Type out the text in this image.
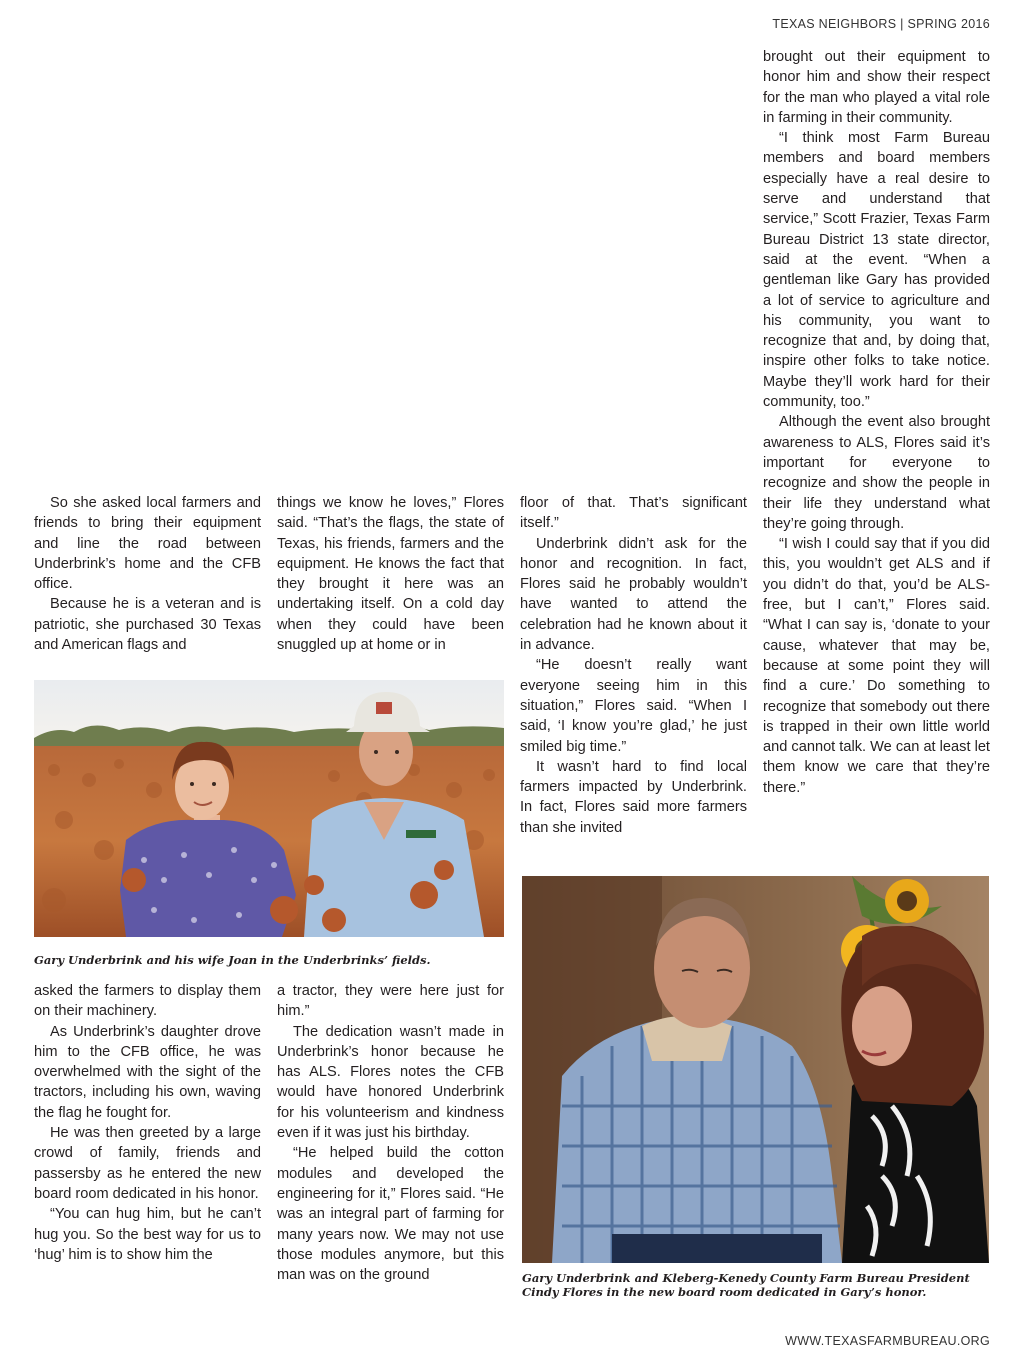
TEXAS NEIGHBORS | SPRING 2016

So she asked local farmers and friends to bring their equipment and line the road between Underbrink’s home and the CFB office.

Because he is a veteran and is patriotic, she purchased 30 Texas and American flags and

things we know he loves,” Flores said. “That’s the flags, the state of Texas, his friends, farmers and the equipment. He knows the fact that they brought it here was an undertaking itself. On a cold day when they could have been snuggled up at home or in

floor of that. That’s significant itself.”

Underbrink didn’t ask for the honor and recognition. In fact, Flores said he probably wouldn’t have wanted to attend the celebration had he known about it in advance.

“He doesn’t really want everyone seeing him in this situation,” Flores said. “When I said, ‘I know you’re glad,’ he just smiled big time.”

It wasn’t hard to find local farmers impacted by Underbrink. In fact, Flores said more farmers than she invited

brought out their equipment to honor him and show their respect for the man who played a vital role in farming in their community.

“I think most Farm Bureau members and board members especially have a real desire to serve and understand that service,” Scott Frazier, Texas Farm Bureau District 13 state director, said at the event. “When a gentleman like Gary has provided a lot of service to agriculture and his community, you want to recognize that and, by doing that, inspire other folks to take notice. Maybe they’ll work hard for their community, too.”

Although the event also brought awareness to ALS, Flores said it’s important for everyone to recognize and show the people in their life they understand what they’re going through.

“I wish I could say that if you did this, you wouldn’t get ALS and if you didn’t do that, you’d be ALS-free, but I can’t,” Flores said. “What I can say is, ‘donate to your cause, whatever that may be, because at some point they will find a cure.’ Do something to recognize that somebody out there is trapped in their own little world and cannot talk. We can at least let them know we care that they’re there.”

Gary Underbrink and his wife Joan in the Underbrinks’ fields.

asked the farmers to display them on their machinery.

As Underbrink’s daughter drove him to the CFB office, he was overwhelmed with the sight of the tractors, including his own, waving the flag he fought for.

He was then greeted by a large crowd of family, friends and passersby as he entered the new board room dedicated in his honor.

“You can hug him, but he can’t hug you. So the best way for us to ‘hug’ him is to show him the

a tractor, they were here just for him.”

The dedication wasn’t made in Underbrink’s honor because he has ALS. Flores notes the CFB would have honored Underbrink for his volunteerism and kindness even if it was just his birthday.

“He helped build the cotton modules and developed the engineering for it,” Flores said. “He was an integral part of farming for many years now. We may not use those modules anymore, but this man was on the ground	Gary Underbrink and Kleberg-Kenedy County Farm Bureau President Cindy Flores in the new board room dedicated in Gary’s honor.
WWW.TEXASFARMBUREAU.ORG
